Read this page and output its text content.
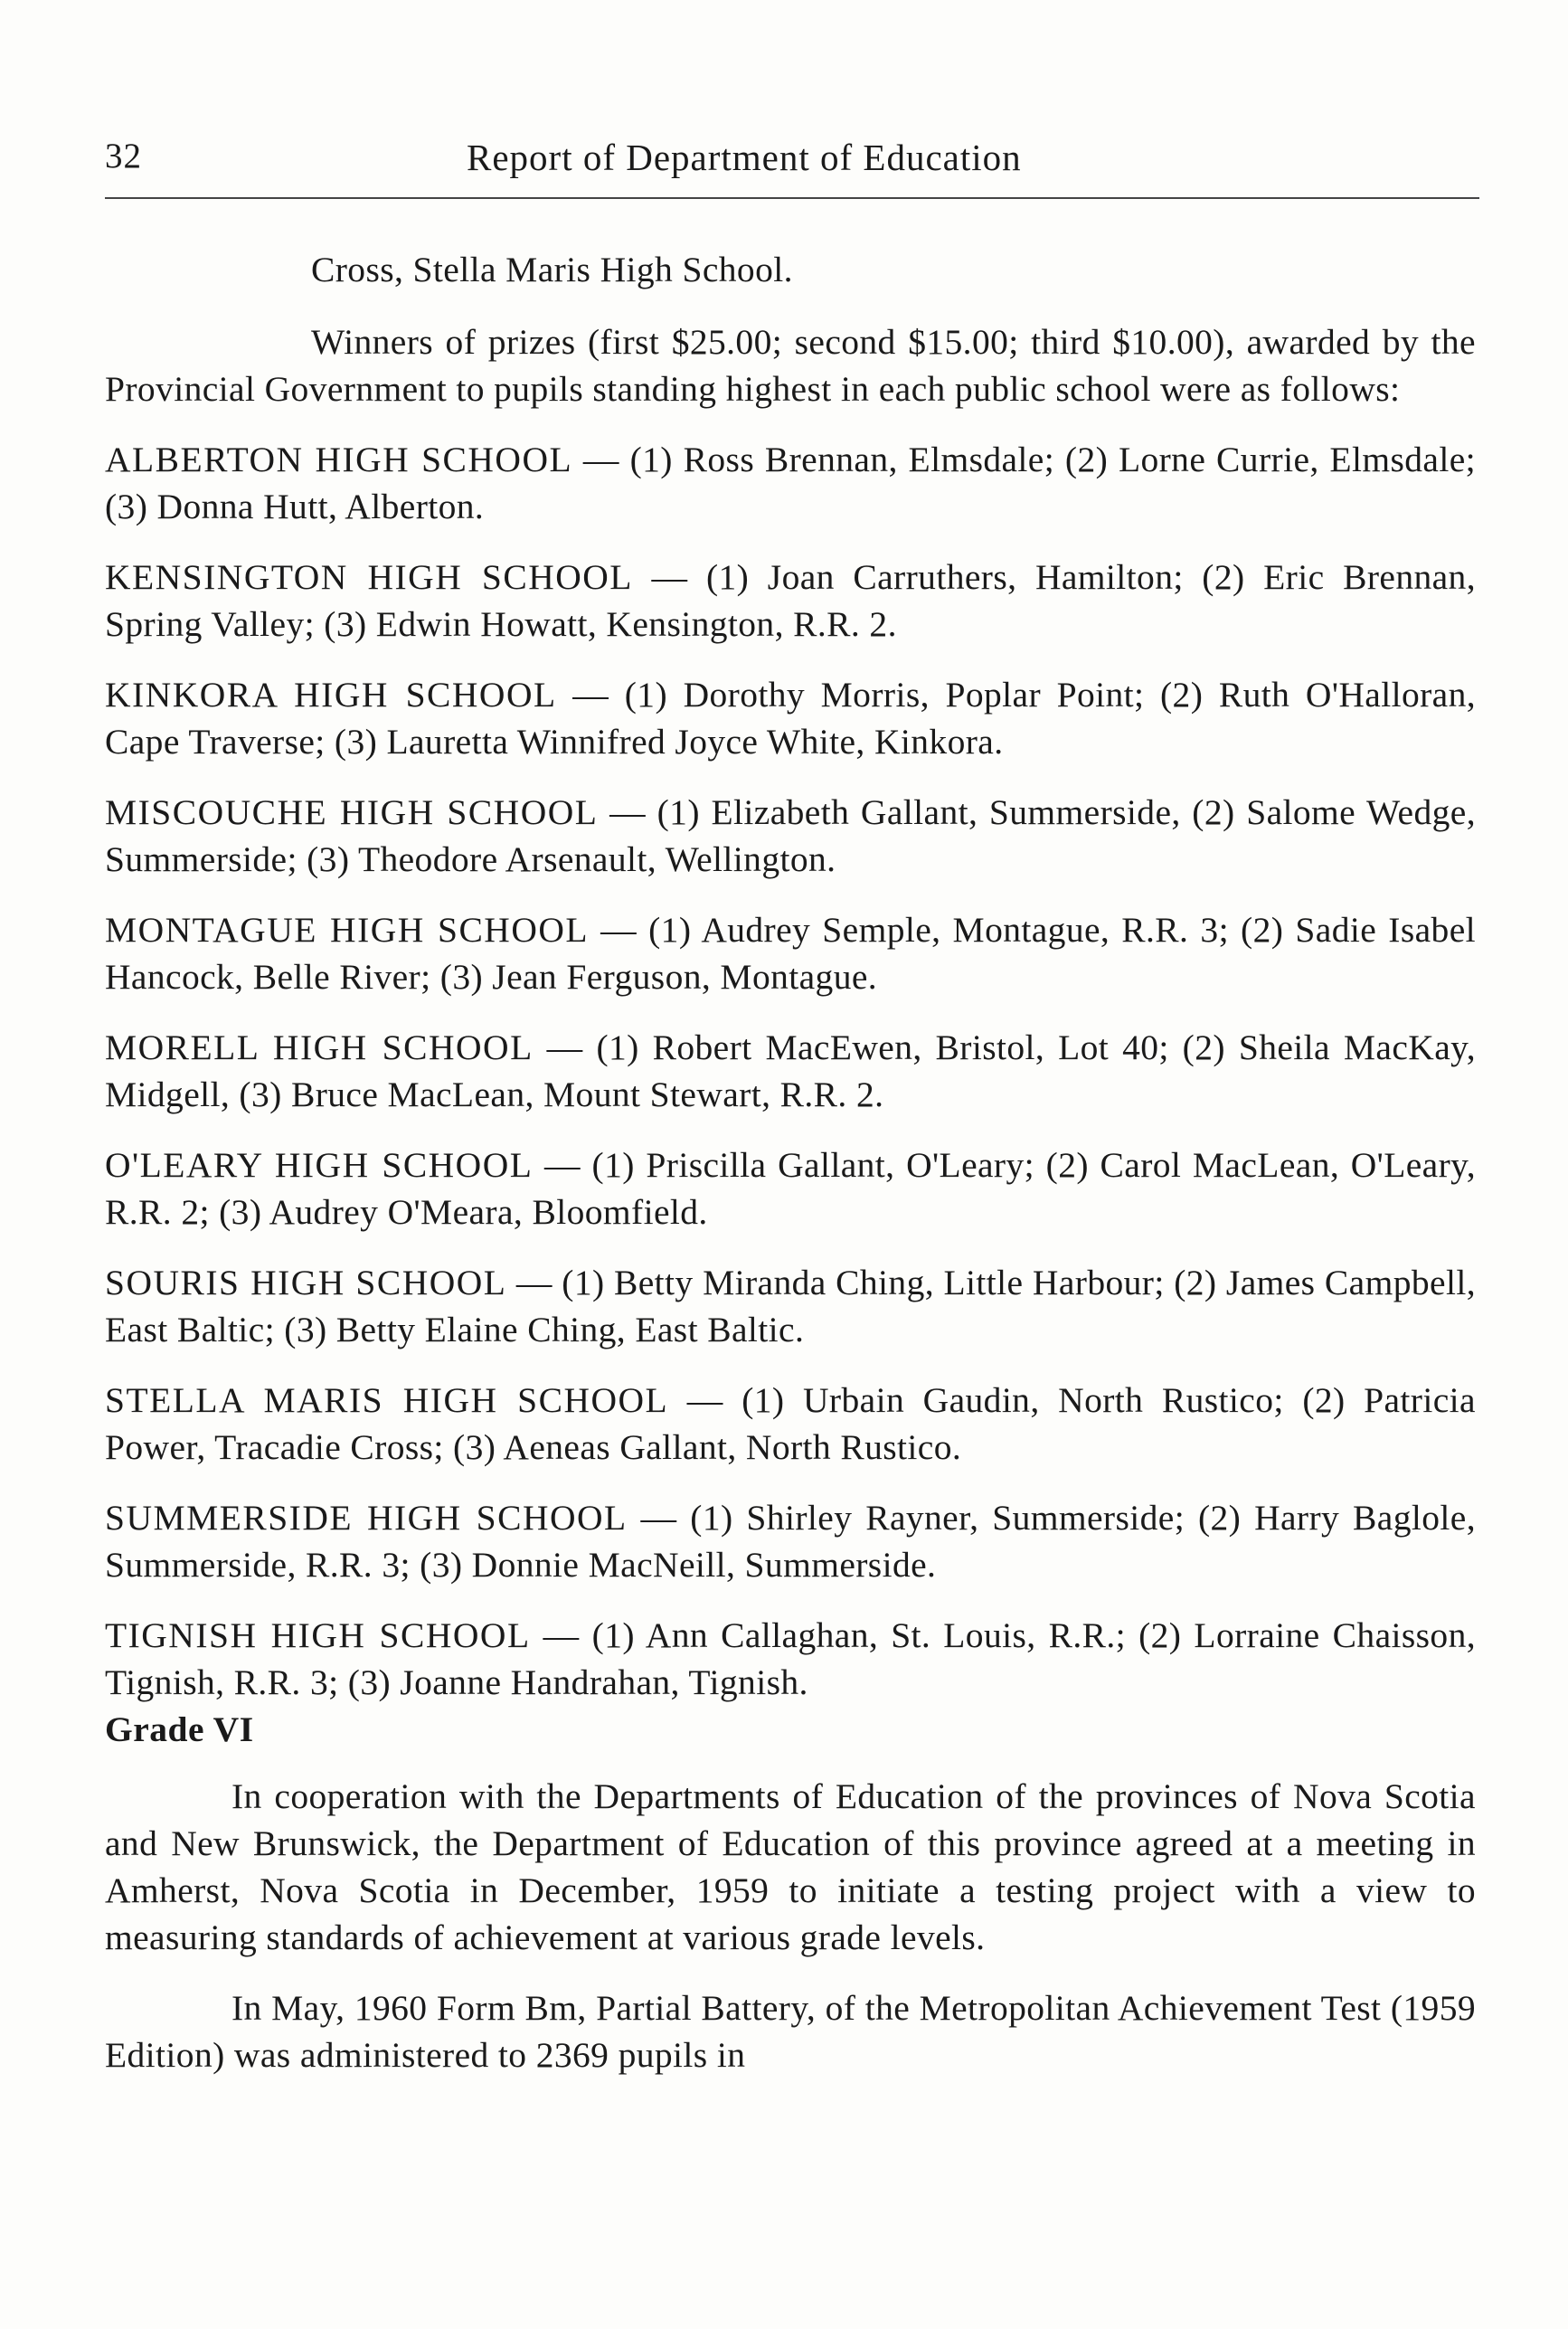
32	Report of Department of Education

Cross, Stella Maris High School.

Winners of prizes (first $25.00; second $15.00; third $10.00), awarded by the Provincial Government to pupils standing highest in each public school were as follows:

ALBERTON HIGH SCHOOL — (1) Ross Brennan, Elmsdale; (2) Lorne Currie, Elmsdale; (3) Donna Hutt, Alberton.

KENSINGTON HIGH SCHOOL — (1) Joan Carruthers, Hamilton; (2) Eric Brennan, Spring Valley; (3) Edwin Howatt, Kensington, R.R. 2.

KINKORA HIGH SCHOOL — (1) Dorothy Morris, Poplar Point; (2) Ruth O'Halloran, Cape Traverse; (3) Lauretta Winnifred Joyce White, Kinkora.

MISCOUCHE HIGH SCHOOL — (1) Elizabeth Gallant, Summerside, (2) Salome Wedge, Summerside; (3) Theodore Arsenault, Wellington.

MONTAGUE HIGH SCHOOL — (1) Audrey Semple, Montague, R.R. 3; (2) Sadie Isabel Hancock, Belle River; (3) Jean Ferguson, Montague.

MORELL HIGH SCHOOL — (1) Robert MacEwen, Bristol, Lot 40; (2) Sheila MacKay, Midgell, (3) Bruce MacLean, Mount Stewart, R.R. 2.

O'LEARY HIGH SCHOOL — (1) Priscilla Gallant, O'Leary; (2) Carol MacLean, O'Leary, R.R. 2; (3) Audrey O'Meara, Bloomfield.

SOURIS HIGH SCHOOL — (1) Betty Miranda Ching, Little Harbour; (2) James Campbell, East Baltic; (3) Betty Elaine Ching, East Baltic.

STELLA MARIS HIGH SCHOOL — (1) Urbain Gaudin, North Rustico; (2) Patricia Power, Tracadie Cross; (3) Aeneas Gallant, North Rustico.

SUMMERSIDE HIGH SCHOOL — (1) Shirley Rayner, Summerside; (2) Harry Baglole, Summerside, R.R. 3; (3) Donnie MacNeill, Summerside.

TIGNISH HIGH SCHOOL — (1) Ann Callaghan, St. Louis, R.R.; (2) Lorraine Chaisson, Tignish, R.R. 3; (3) Joanne Handrahan, Tignish.

Grade VI

In cooperation with the Departments of Education of the provinces of Nova Scotia and New Brunswick, the Department of Education of this province agreed at a meeting in Amherst, Nova Scotia in December, 1959 to initiate a testing project with a view to measuring standards of achievement at various grade levels.

In May, 1960 Form Bm, Partial Battery, of the Metropolitan Achievement Test (1959 Edition) was administered to 2369 pupils in
